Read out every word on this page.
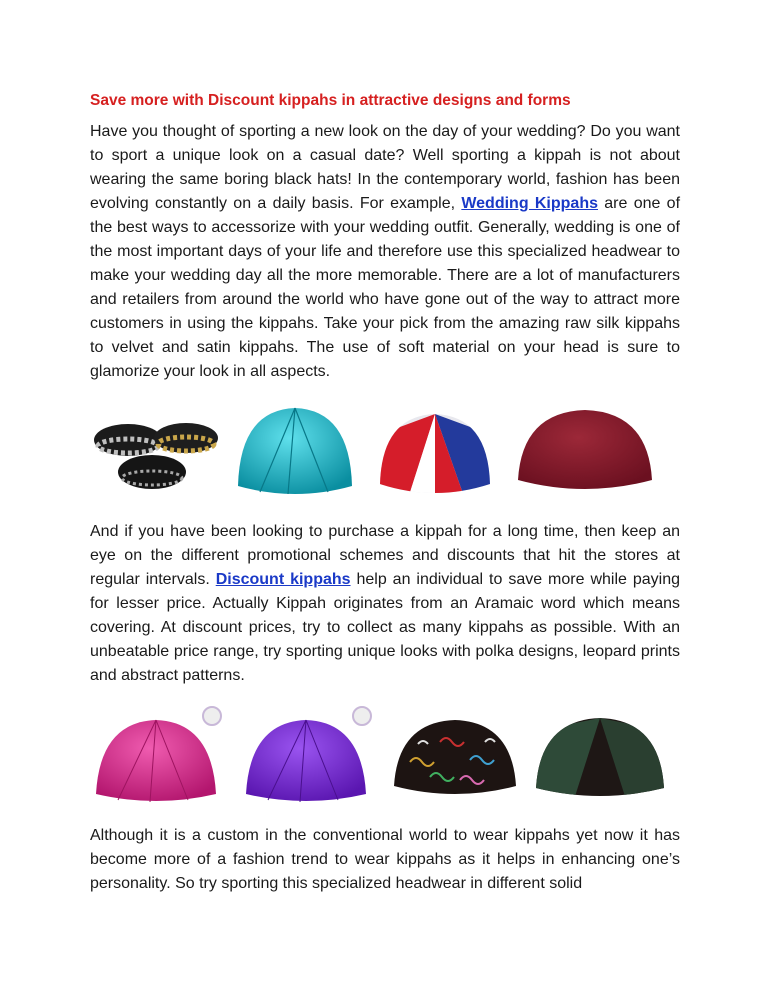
Save more with Discount kippahs in attractive designs and forms

Have you thought of sporting a new look on the day of your wedding? Do you want to sport a unique look on a casual date? Well sporting a kippah is not about wearing the same boring black hats! In the contemporary world, fashion has been evolving constantly on a daily basis. For example, Wedding Kippahs are one of the best ways to accessorize with your wedding outfit. Generally, wedding is one of the most important days of your life and therefore use this specialized headwear to make your wedding day all the more memorable. There are a lot of manufacturers and retailers from around the world who have gone out of the way to attract more customers in using the kippahs. Take your pick from the amazing raw silk kippahs to velvet and satin kippahs. The use of soft material on your head is sure to glamorize your look in all aspects.

And if you have been looking to purchase a kippah for a long time, then keep an eye on the different promotional schemes and discounts that hit the stores at regular intervals. Discount kippahs help an individual to save more while paying for lesser price. Actually Kippah originates from an Aramaic word which means covering. At discount prices, try to collect as many kippahs as possible. With an unbeatable price range, try sporting unique looks with polka designs, leopard prints and abstract patterns.

Although it is a custom in the conventional world to wear kippahs yet now it has become more of a fashion trend to wear kippahs as it helps in enhancing one’s personality. So try sporting this specialized headwear in different solid
